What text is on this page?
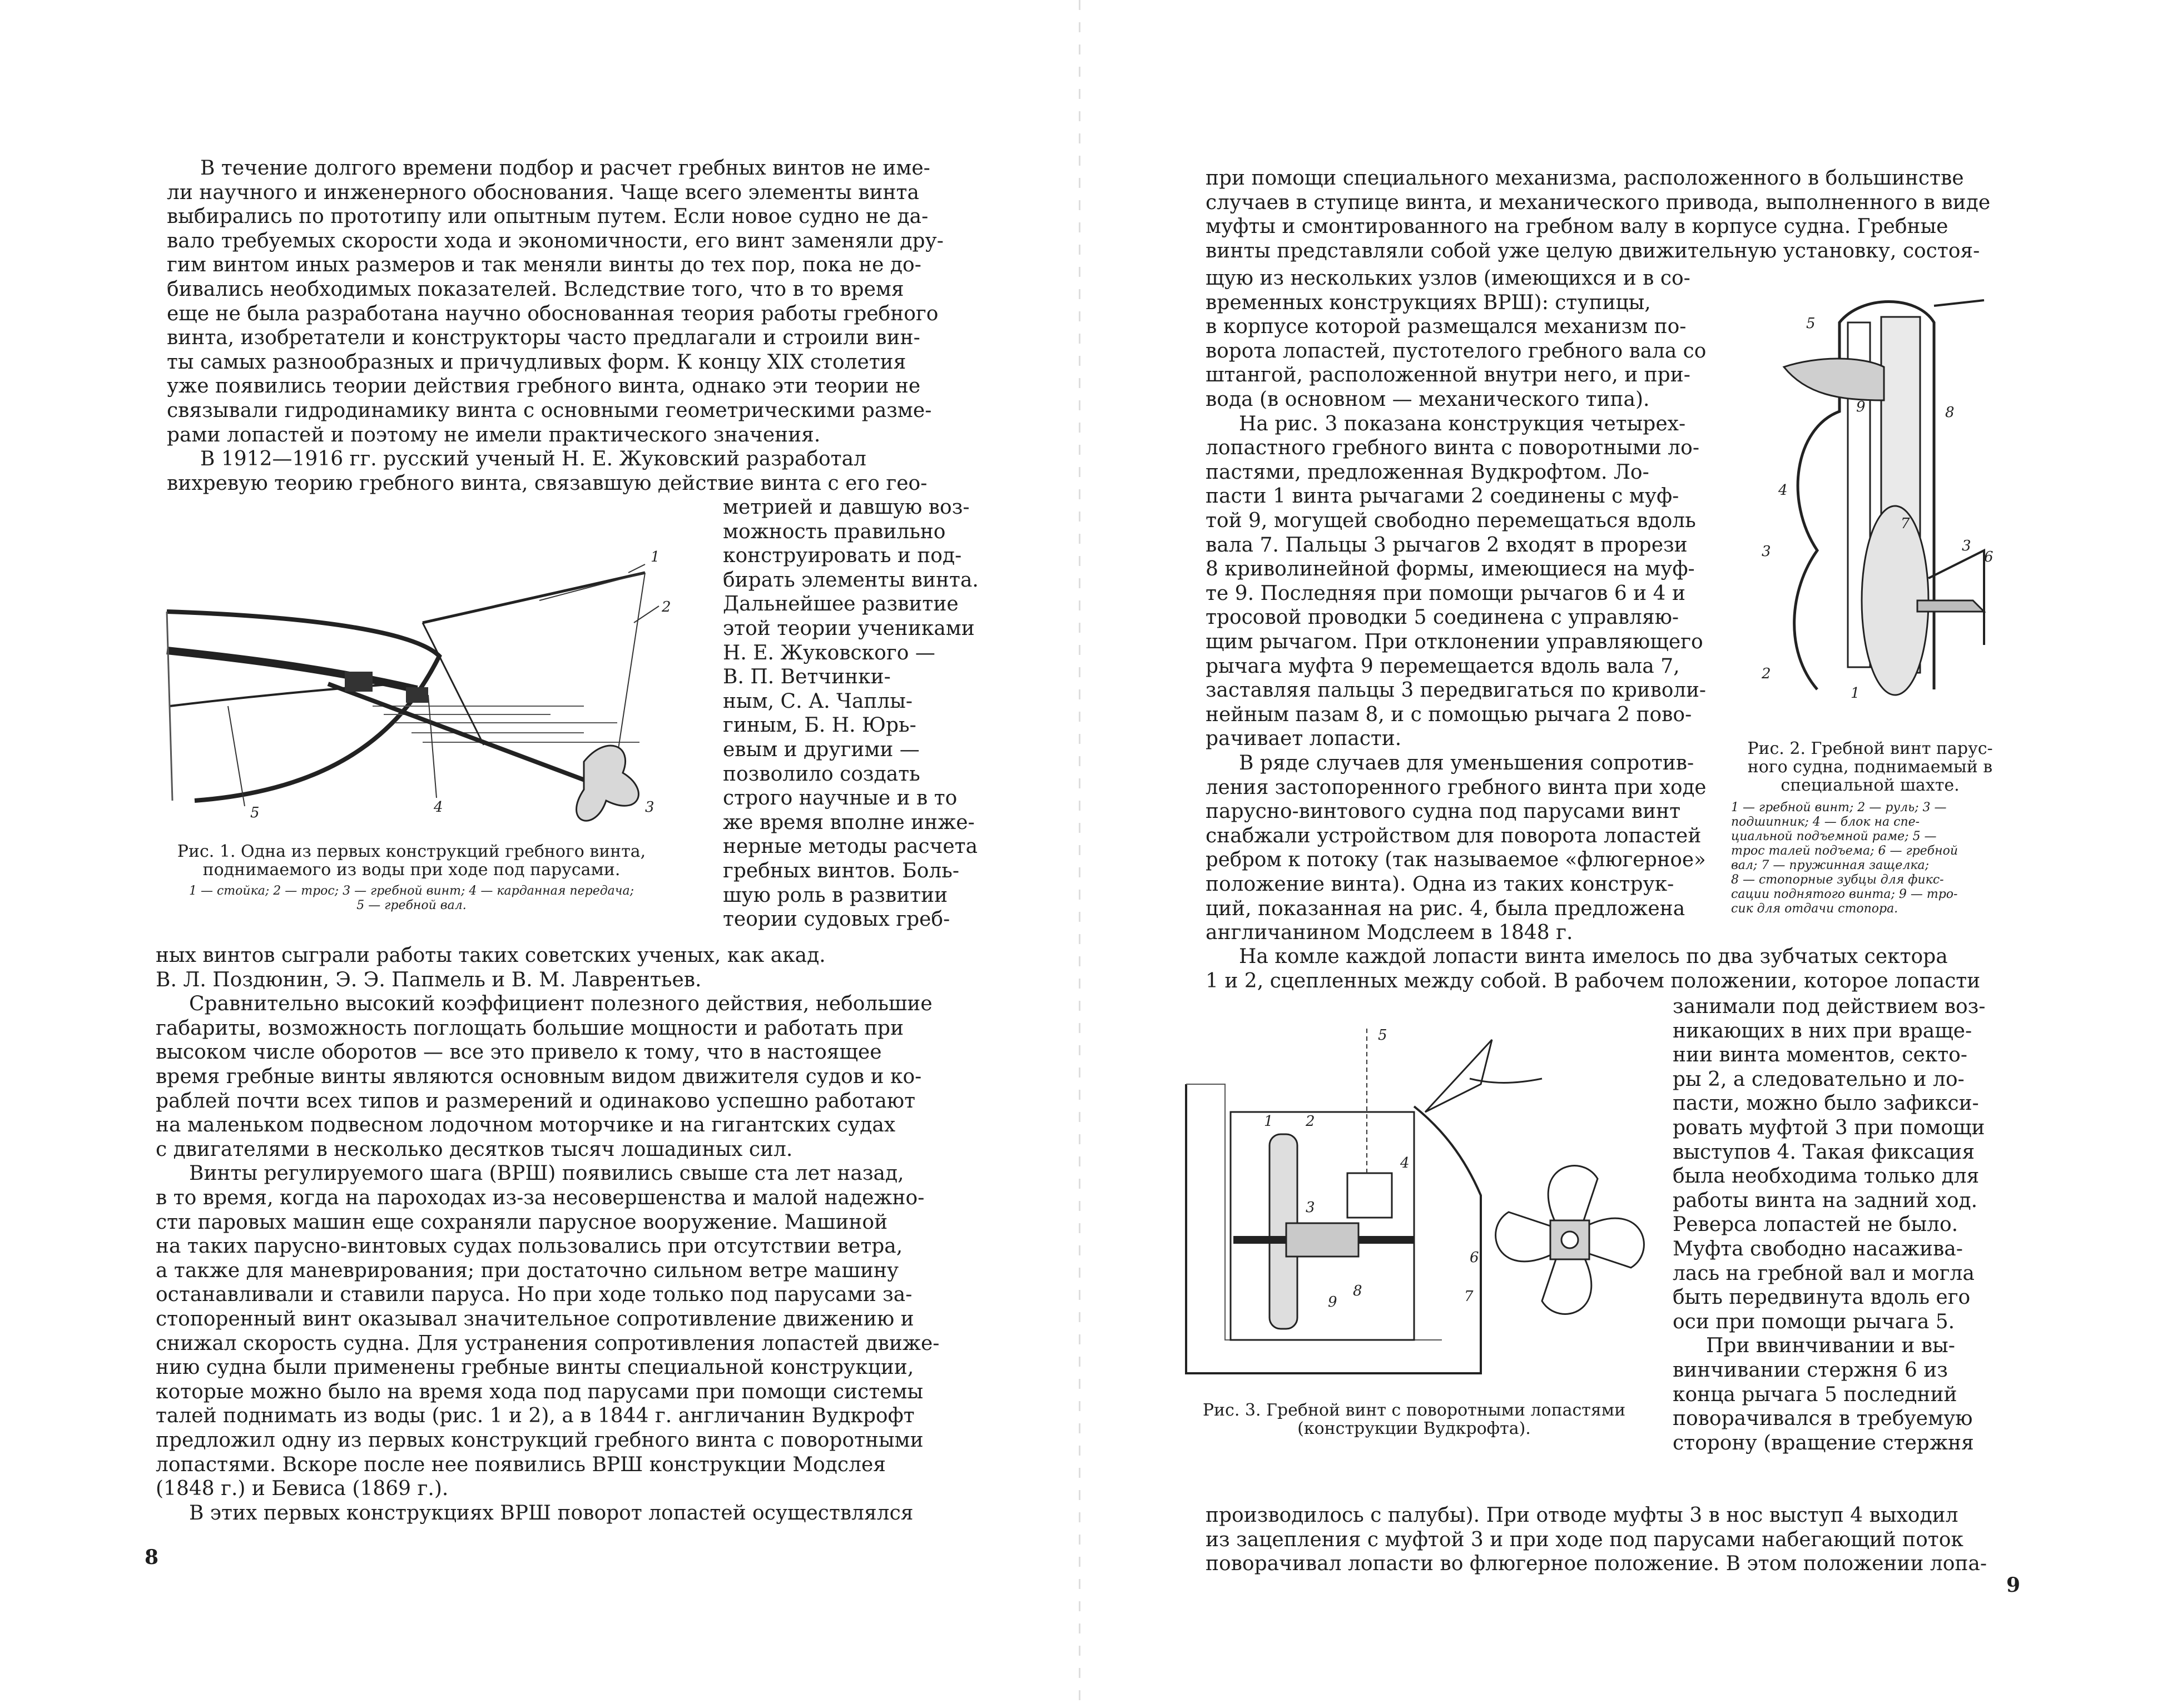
В течение долгого времени подбор и расчет гребных винтов не име-
ли научного и инженерного обоснования. Чаще всего элементы винта
выбирались по прототипу или опытным путем. Если новое судно не да-
вало требуемых скорости хода и экономичности, его винт заменяли дру-
гим винтом иных размеров и так меняли винты до тех пор, пока не до-
бивались необходимых показателей. Вследствие того, что в то время
еще не была разработана научно обоснованная теория работы гребного
винта, изобретатели и конструкторы часто предлагали и строили вин-
ты самых разнообразных и причудливых форм. К концу XIX столетия
уже появились теории действия гребного винта, однако эти теории не
связывали гидродинамику винта с основными геометрическими разме-
рами лопастей и поэтому не имели практического значения.
В 1912—1916 гг. русский ученый Н. Е. Жуковский разработал
вихревую теорию гребного винта, связавшую действие винта с его гео-
метрией и давшую воз-
можность правильно
конструировать и под-
бирать элементы винта.
Дальнейшее развитие
этой теории учениками
Н. Е. Жуковского —
В. П. Ветчинки-
ным, С. А. Чаплы-
гиным, Б. Н. Юрь-
евым и другими —
позволило создать
строго научные и в то
же время вполне инже-
нерные методы расчета
гребных винтов. Боль-
шую роль в развитии
теории судовых греб-
ных винтов сыграли работы таких советских ученых, как акад.
В. Л. Поздюнин, Э. Э. Папмель и В. М. Лаврентьев.
Сравнительно высокий коэффициент полезного действия, небольшие
габариты, возможность поглощать большие мощности и работать при
высоком числе оборотов — все это привело к тому, что в настоящее
время гребные винты являются основным видом движителя судов и ко-
раблей почти всех типов и размерений и одинаково успешно работают
на маленьком подвесном лодочном моторчике и на гигантских судах
с двигателями в несколько десятков тысяч лошадиных сил.
Винты регулируемого шага (ВРШ) появились свыше ста лет назад,
в то время, когда на пароходах из-за несовершенства и малой надежно-
сти паровых машин еще сохраняли парусное вооружение. Машиной
на таких парусно-винтовых судах пользовались при отсутствии ветра,
а также для маневрирования; при достаточно сильном ветре машину
останавливали и ставили паруса. Но при ходе только под парусами за-
стопоренный винт оказывал значительное сопротивление движению и
снижал скорость судна. Для устранения сопротивления лопастей движе-
нию судна были применены гребные винты специальной конструкции,
которые можно было на время хода под парусами при помощи системы
талей поднимать из воды (рис. 1 и 2), а в 1844 г. англичанин Вудкрофт
предложил одну из первых конструкций гребного винта с поворотными
лопастями. Вскоре после нее появились ВРШ конструкции Модслея
(1848 г.) и Бевиса (1869 г.).
В этих первых конструкциях ВРШ поворот лопастей осуществлялся
1
2
3
4
5
Рис. 1. Одна из первых конструкций гребного винта,
поднимаемого из воды при ходе под парусами.
1 — стойка; 2 — трос; 3 — гребной винт; 4 — карданная передача;
5 — гребной вал.
8
при помощи специального механизма, расположенного в большинстве
случаев в ступице винта, и механического привода, выполненного в виде
муфты и смонтированного на гребном валу в корпусе судна. Гребные
винты представляли собой уже целую движительную установку, состоя-
щую из нескольких узлов (имеющихся и в со-
временных конструкциях ВРШ): ступицы,
в корпусе которой размещался механизм по-
ворота лопастей, пустотелого гребного вала со
штангой, расположенной внутри него, и при-
вода (в основном — механического типа).
На рис. 3 показана конструкция четырех-
лопастного гребного винта с поворотными ло-
пастями, предложенная Вудкрофтом. Ло-
пасти 1 винта рычагами 2 соединены с муф-
той 9, могущей свободно перемещаться вдоль
вала 7. Пальцы 3 рычагов 2 входят в прорези
8 криволинейной формы, имеющиеся на муф-
те 9. Последняя при помощи рычагов 6 и 4 и
тросовой проводки 5 соединена с управляю-
щим рычагом. При отклонении управляющего
рычага муфта 9 перемещается вдоль вала 7,
заставляя пальцы 3 передвигаться по криволи-
нейным пазам 8, и с помощью рычага 2 пово-
рачивает лопасти.
В ряде случаев для уменьшения сопротив-
ления застопоренного гребного винта при ходе
парусно-винтового судна под парусами винт
снабжали устройством для поворота лопастей
ребром к потоку (так называемое «флюгерное»
положение винта). Одна из таких конструк-
ций, показанная на рис. 4, была предложена
англичанином Модслеем в 1848 г.
На комле каждой лопасти винта имелось по два зубчатых сектора
1 и 2, сцепленных между собой. В рабочем положении, которое лопасти
занимали под действием воз-
никающих в них при враще-
нии винта моментов, секто-
ры 2, а следовательно и ло-
пасти, можно было зафикси-
ровать муфтой 3 при помощи
выступов 4. Такая фиксация
была необходима только для
работы винта на задний ход.
Реверса лопастей не было.
Муфта свободно насаживa-
лась на гребной вал и могла
быть передвинута вдоль его
оси при помощи рычага 5.
При ввинчивании и вы-
винчивании стержня 6 из
конца рычага 5 последний
поворачивался в требуемую
сторону (вращение стержня
производилось с палубы). При отводе муфты 3 в нос выступ 4 выходил
из зацепления с муфтой 3 и при ходе под парусами набегающий поток
поворачивал лопасти во флюгерное положение. В этом положении лопа-
5
9	8
4
7
3	3
6
2
1
Рис. 2. Гребной винт парус-
ного судна, поднимаемый в
специальной шахте.
1 — гребной винт; 2 — руль; 3 —
подшипник; 4 — блок на спе-
циальной подъемной раме; 5 —
трос талей подъема; 6 — гребной
вал; 7 — пружинная защелка;
8 — стопорные зубцы для фикс-
сации поднятого винта; 9 — тро-
сик для отдачи стопора.
1 2
3
4
5
6
7
8
9
Рис. 3. Гребной винт с поворотными лопастями
(конструкции Вудкрофта).
9
